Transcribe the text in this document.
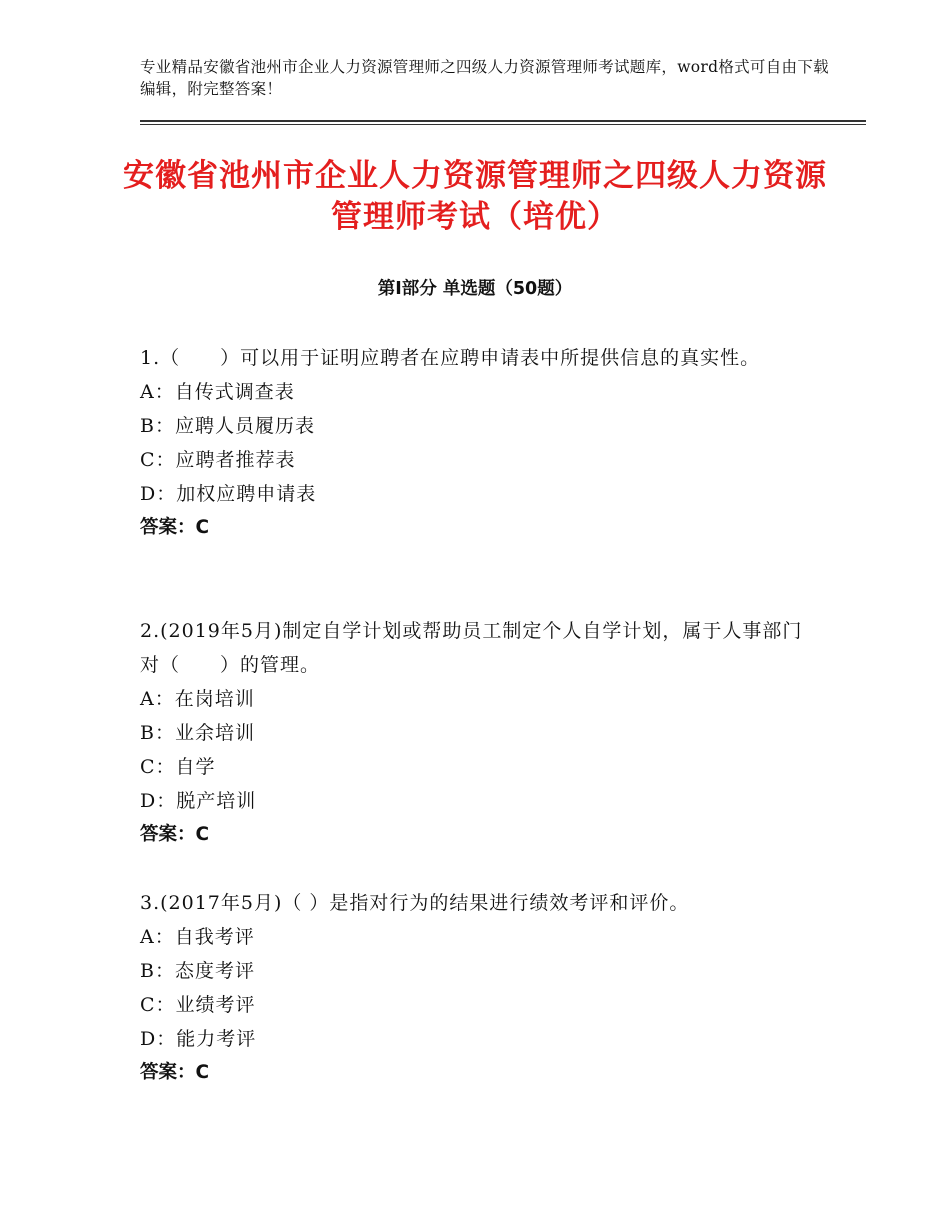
专业精品安徽省池州市企业人力资源管理师之四级人力资源管理师考试题库，word格式可自由下载编辑，附完整答案！
安徽省池州市企业人力资源管理师之四级人力资源管理师考试（培优）
第Ⅰ部分 单选题（50题）

1.（　　）可以用于证明应聘者在应聘申请表中所提供信息的真实性。

A：自传式调查表

B：应聘人员履历表

C：应聘者推荐表

D：加权应聘申请表

答案：C

2.(2019年5月)制定自学计划或帮助员工制定个人自学计划，属于人事部门对（　　）的管理。

A：在岗培训

B：业余培训

C：自学

D：脱产培训

答案：C

3.(2017年5月)（ ）是指对行为的结果进行绩效考评和评价。

A：自我考评

B：态度考评

C：业绩考评

D：能力考评

答案：C
